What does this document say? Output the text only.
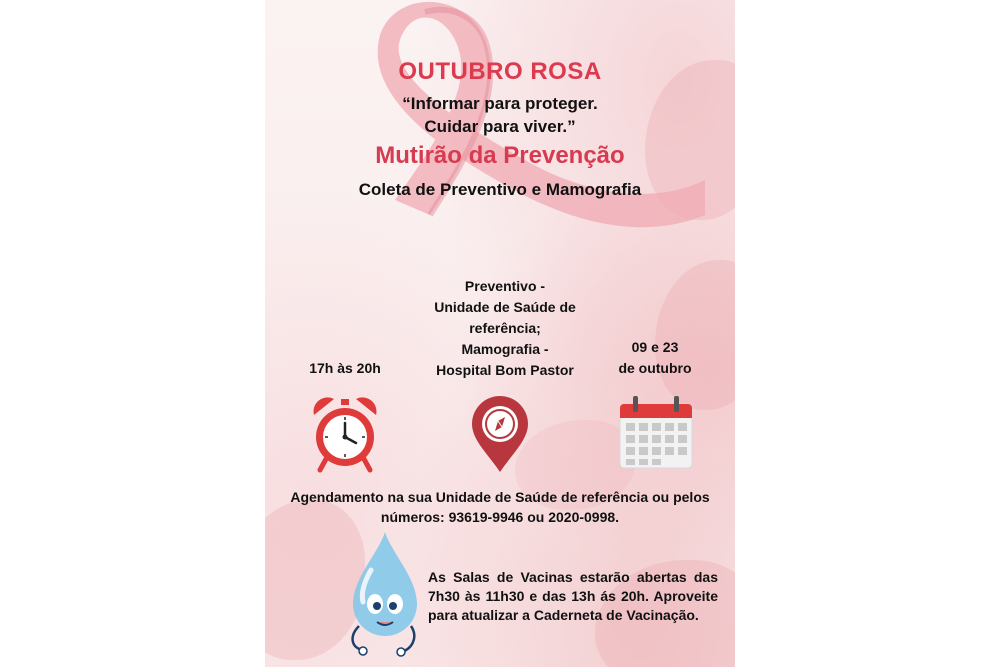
OUTUBRO ROSA
“Informar para proteger.
Cuidar para viver.”
Mutirão da Prevenção
Coleta de Preventivo e Mamografia
17h às 20h
Preventivo -
Unidade de Saúde de
referência;
Mamografia -
Hospital Bom Pastor
09 e 23
de outubro
Agendamento na sua Unidade de Saúde de referência ou pelos
números: 93619-9946 ou 2020-0998.
As Salas de Vacinas estarão abertas das 7h30 às 11h30 e das 13h ás 20h. Aproveite para atualizar a Caderneta de Vacinação.
